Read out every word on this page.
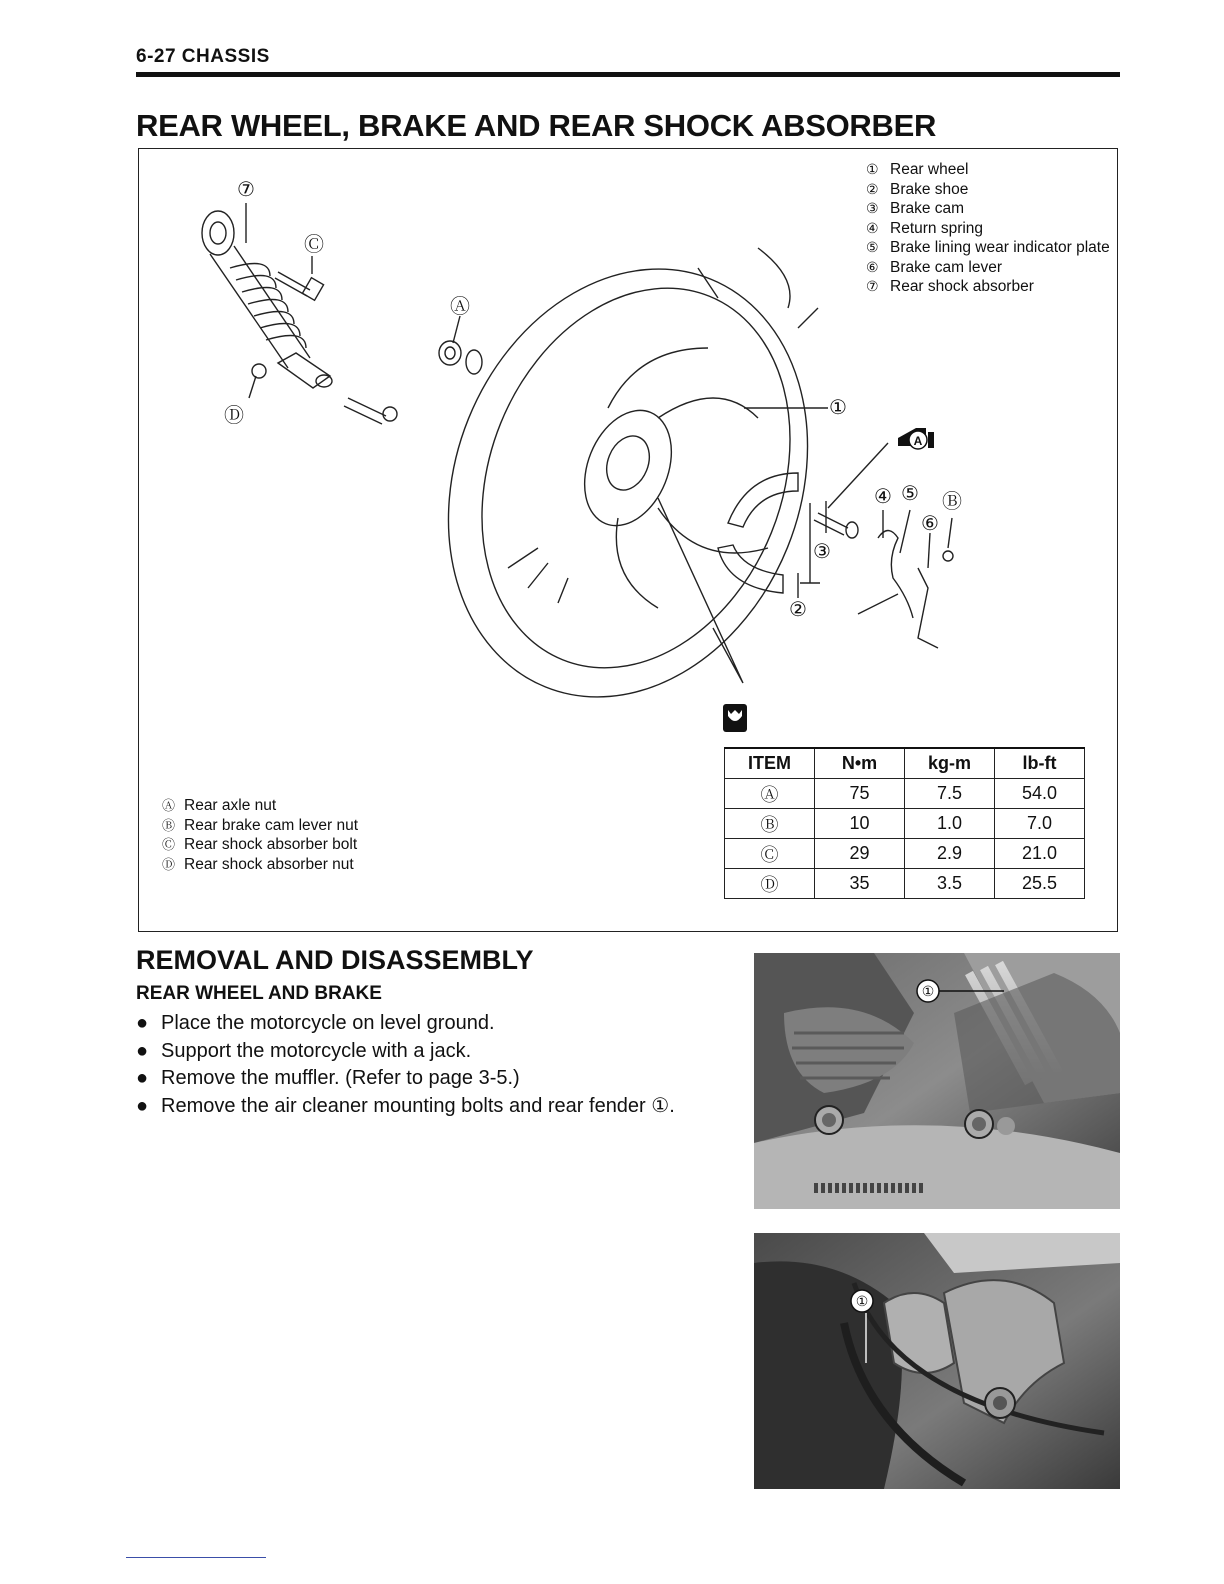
6-27 CHASSIS
REAR WHEEL, BRAKE AND REAR SHOCK ABSORBER
⑦
Ⓒ
Ⓐ
Ⓓ	①
④ ⑤ Ⓑ
⑥
③
②
A
① Rear wheel
② Brake shoe
③ Brake cam
④ Return spring
⑤ Brake lining wear indicator plate
⑥ Brake cam lever
⑦ Rear shock absorber
Ⓐ Rear axle nut
Ⓑ Rear brake cam lever nut
Ⓒ Rear shock absorber bolt
Ⓓ Rear shock absorber nut
ITEM	N•m	kg-m	lb-ft
Ⓐ	75	7.5	54.0
Ⓑ	10	1.0	7.0
Ⓒ	29	2.9	21.0
Ⓓ	35	3.5	25.5
REMOVAL AND DISASSEMBLY
REAR WHEEL AND BRAKE
● Place the motorcycle on level ground.
● Support the motorcycle with a jack.
● Remove the muffler. (Refer to page 3-5.)
● Remove the air cleaner mounting bolts and rear fender ①.
①
①
